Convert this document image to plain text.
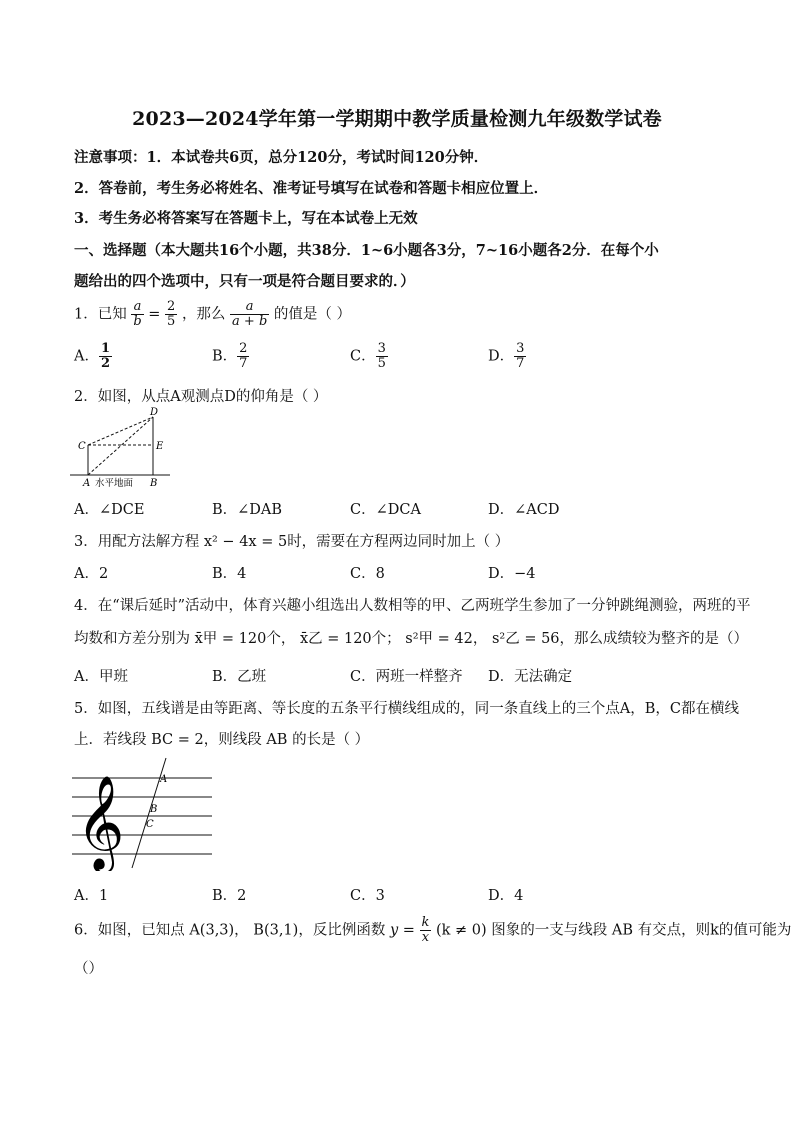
2023—2024学年第一学期期中教学质量检测九年级数学试卷
注意事项：1．本试卷共6页，总分120分，考试时间120分钟．
2．答卷前，考生务必将姓名、准考证号填写在试卷和答题卡相应位置上．
3．考生务必将答案写在答题卡上，写在本试卷上无效
一、选择题（本大题共16个小题，共38分．1~6小题各3分，7~16小题各2分．在每个小
题给出的四个选项中，只有一项是符合题目要求的．）
1．已知 $\frac{a}{b} = \frac{2}{5}$ ，那么 $\frac{a}{a + b}$ 的值是（ ）
A． $\frac{1}{2}$	B． $\frac{2}{7}$	C． $\frac{3}{5}$	D． $\frac{3}{7}$
2．如图，从点A观测点D的仰角是（ ）
D
E
C
A	B
水平地面
A．∠DCE	B．∠DAB	C．∠DCA	D．∠ACD
3．用配方法解方程 x² − 4x = 5时，需要在方程两边同时加上（ ）
A．2	B．4	C．8	D．−4
4．在“课后延时”活动中，体育兴趣小组选出人数相等的甲、乙两班学生参加了一分钟跳绳测验，两班的平
均数和方差分别为 x̄甲 = 120个， x̄乙 = 120个； s²甲 = 42， s²乙 = 56，那么成绩较为整齐的是（）
A．甲班	B．乙班	C．两班一样整齐 D．无法确定
5．如图，五线谱是由等距离、等长度的五条平行横线组成的，同一条直线上的三个点A，B，C都在横线
上．若线段 BC = 2，则线段 AB 的长是（ ）
𝄞	A
B
C
A．1	B．2	C．3	D．4
6．如图，已知点 A(3,3)， B(3,1)，反比例函数 $y = \frac{k}{x} (k \ne 0)$ 图象的一支与线段 AB 有交点，则k的值可能为
（）
